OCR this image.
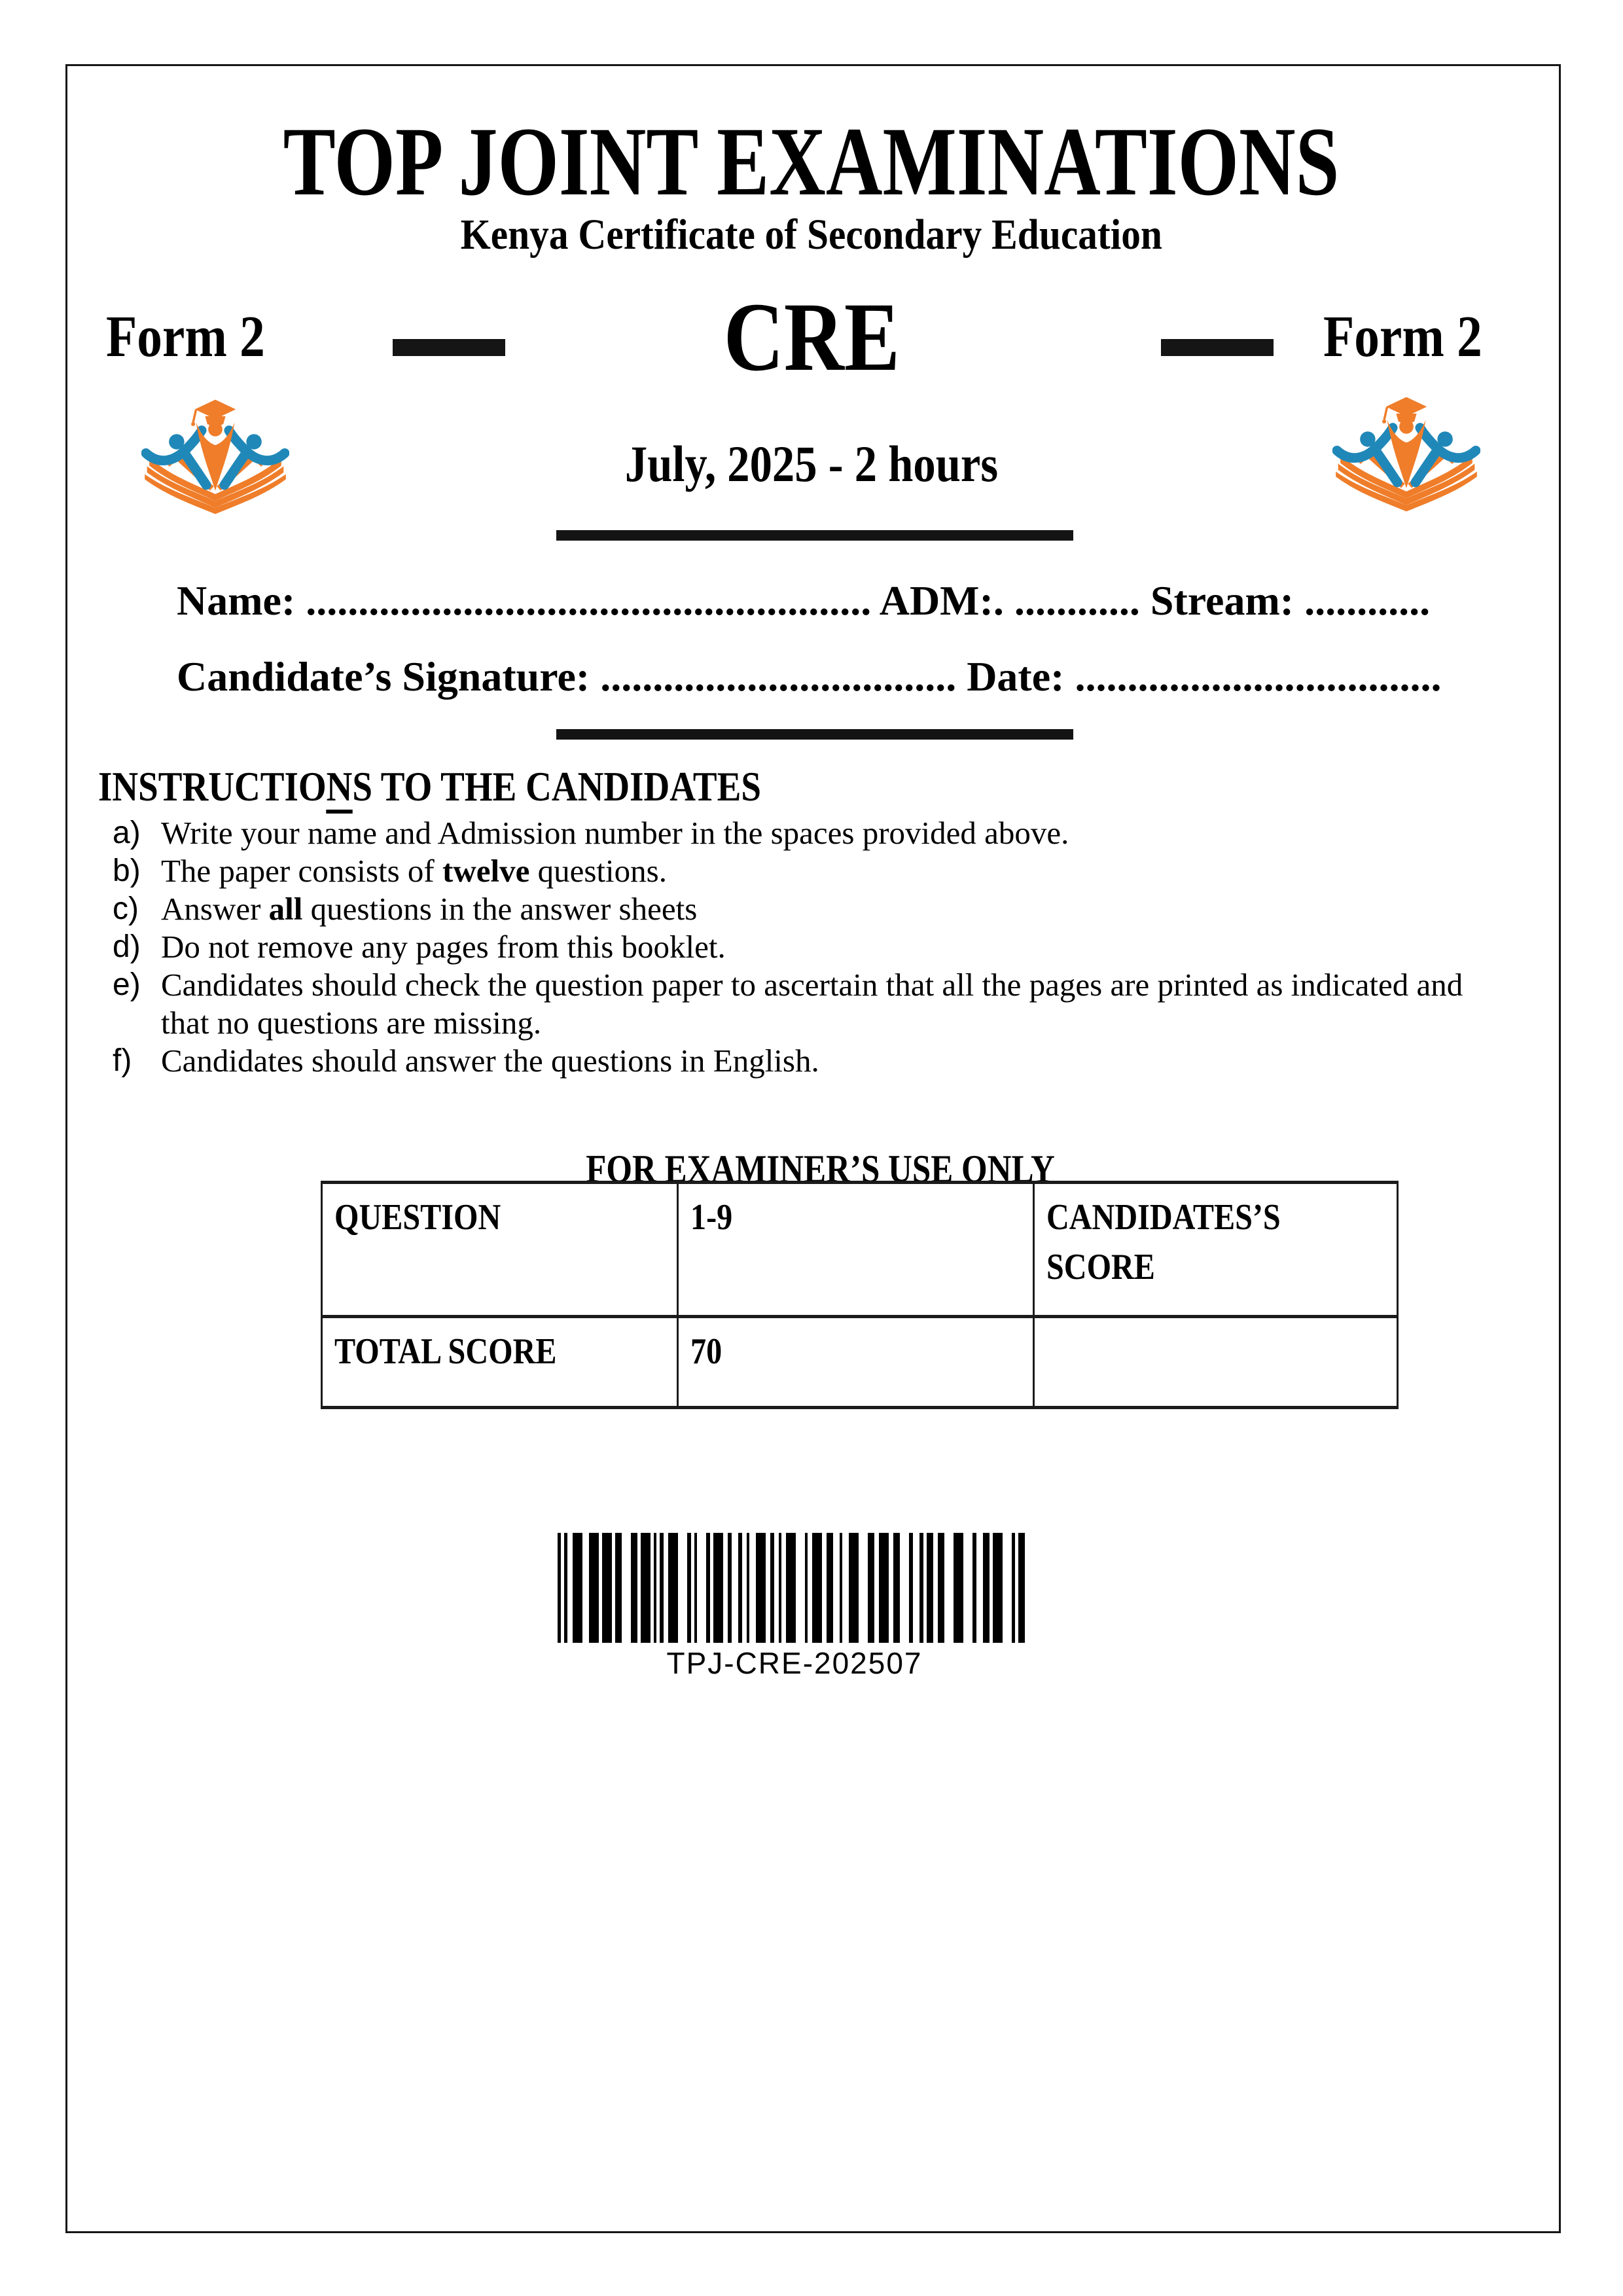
TOP JOINT EXAMINATIONS
Kenya Certificate of Secondary Education
Form 2	CRE	Form 2
July, 2025 - 2 hours
Name: ...................................................... ADM:. ............ Stream: ............
Candidate’s Signature: .................................. Date: ...................................
INSTRUCTIONS TO THE CANDIDATES
a) Write your name and Admission number in the spaces provided above.
b) The paper consists of twelve questions.
c) Answer all questions in the answer sheets
d) Do not remove any pages from this booklet.
e) Candidates should check the question paper to ascertain that all the pages are printed as indicated and that no questions are missing.
f) Candidates should answer the questions in English.
FOR EXAMINER’S USE ONLY
QUESTION	1-9	CANDIDATES’S SCORE
TOTAL SCORE	70	
TPJ-CRE-202507
